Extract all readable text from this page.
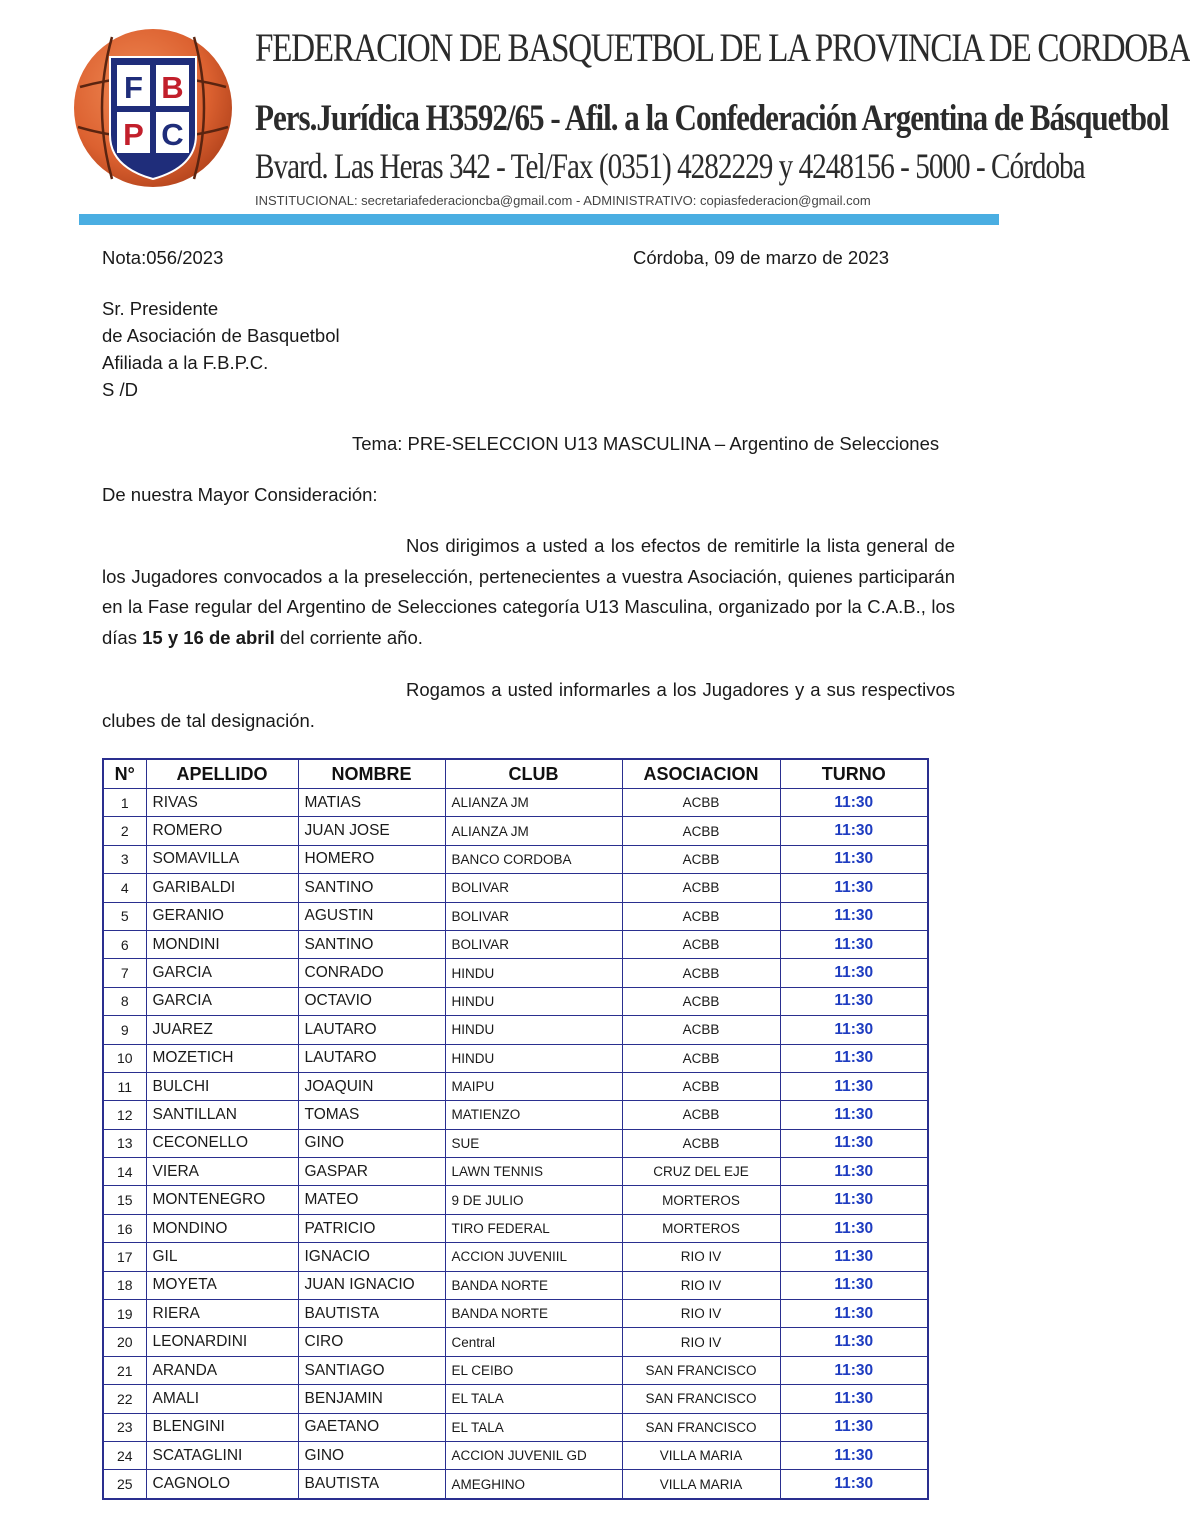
F B
P C
FEDERACION DE BASQUETBOL DE LA PROVINCIA DE CORDOBA
Pers.Jurídica H3592/65 - Afil. a la Confederación Argentina de Básquetbol
Bvard. Las Heras 342 - Tel/Fax (0351) 4282229 y 4248156 - 5000 - Córdoba
INSTITUCIONAL: secretariafederacioncba@gmail.com - ADMINISTRATIVO: copiasfederacion@gmail.com
Nota:056/2023	Córdoba, 09 de marzo de 2023
Sr. Presidente
de Asociación de Basquetbol
Afiliada a la F.B.P.C.
S /D
Tema: PRE-SELECCION U13 MASCULINA – Argentino de Selecciones
De nuestra Mayor Consideración:
Nos dirigimos a usted a los efectos de remitirle la lista general de los Jugadores convocados a la preselección, pertenecientes a vuestra Asociación, quienes participarán en la Fase regular del Argentino de Selecciones categoría U13 Masculina, organizado por la C.A.B., los días 15 y 16 de abril del corriente año.
Rogamos a usted informarles a los Jugadores y a sus respectivos clubes de tal designación.
N°	APELLIDO	NOMBRE	CLUB	ASOCIACION	TURNO
1	RIVAS	MATIAS	ALIANZA JM	ACBB	11:30
2	ROMERO	JUAN JOSE	ALIANZA JM	ACBB	11:30
3	SOMAVILLA	HOMERO	BANCO CORDOBA	ACBB	11:30
4	GARIBALDI	SANTINO	BOLIVAR	ACBB	11:30
5	GERANIO	AGUSTIN	BOLIVAR	ACBB	11:30
6	MONDINI	SANTINO	BOLIVAR	ACBB	11:30
7	GARCIA	CONRADO	HINDU	ACBB	11:30
8	GARCIA	OCTAVIO	HINDU	ACBB	11:30
9	JUAREZ	LAUTARO	HINDU	ACBB	11:30
10	MOZETICH	LAUTARO	HINDU	ACBB	11:30
11	BULCHI	JOAQUIN	MAIPU	ACBB	11:30
12	SANTILLAN	TOMAS	MATIENZO	ACBB	11:30
13	CECONELLO	GINO	SUE	ACBB	11:30
14	VIERA	GASPAR	LAWN TENNIS	CRUZ DEL EJE	11:30
15	MONTENEGRO	MATEO	9 DE JULIO	MORTEROS	11:30
16	MONDINO	PATRICIO	TIRO FEDERAL	MORTEROS	11:30
17	GIL	IGNACIO	ACCION JUVENIIL	RIO IV	11:30
18	MOYETA	JUAN IGNACIO	BANDA NORTE	RIO IV	11:30
19	RIERA	BAUTISTA	BANDA NORTE	RIO IV	11:30
20	LEONARDINI	CIRO	Central	RIO IV	11:30
21	ARANDA	SANTIAGO	EL CEIBO	SAN FRANCISCO	11:30
22	AMALI	BENJAMIN	EL TALA	SAN FRANCISCO	11:30
23	BLENGINI	GAETANO	EL TALA	SAN FRANCISCO	11:30
24	SCATAGLINI	GINO	ACCION JUVENIL GD	VILLA MARIA	11:30
25	CAGNOLO	BAUTISTA	AMEGHINO	VILLA MARIA	11:30
